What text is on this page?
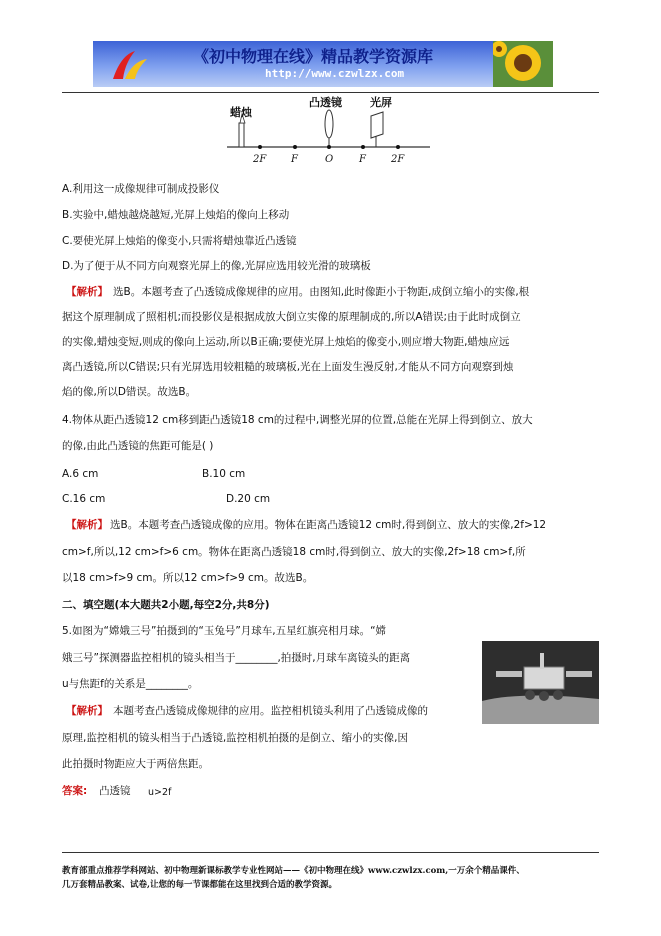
《初中物理在线》精品教学资源库
http://www.czwlzx.com
蜡烛
凸透镜	光屏
2F F	O	F	2F
A.利用这一成像规律可制成投影仪
B.实验中,蜡烛越烧越短,光屏上烛焰的像向上移动
C.要使光屏上烛焰的像变小,只需将蜡烛靠近凸透镜
D.为了便于从不同方向观察光屏上的像,光屏应选用较光滑的玻璃板
【解析】 选B。本题考查了凸透镜成像规律的应用。由图知,此时像距小于物距,成倒立缩小的实像,根
据这个原理制成了照相机;而投影仪是根据成放大倒立实像的原理制成的,所以A错误;由于此时成倒立
的实像,蜡烛变短,则成的像向上运动,所以B正确;要使光屏上烛焰的像变小,则应增大物距,蜡烛应远
离凸透镜,所以C错误;只有光屏选用较粗糙的玻璃板,光在上面发生漫反射,才能从不同方向观察到烛
焰的像,所以D错误。故选B。
4.物体从距凸透镜12 cm移到距凸透镜18 cm的过程中,调整光屏的位置,总能在光屏上得到倒立、放大
的像,由此凸透镜的焦距可能是( )
A.6 cm	B.10 cm
C.16 cm	D.20 cm
【解析】 选B。本题考查凸透镜成像的应用。物体在距离凸透镜12 cm时,得到倒立、放大的实像,2f>12
cm>f,所以,12 cm>f>6 cm。物体在距离凸透镜18 cm时,得到倒立、放大的实像,2f>18 cm>f,所
以18 cm>f>9 cm。所以12 cm>f>9 cm。故选B。
二、填空题(本大题共2小题,每空2分,共8分)
5.如图为“嫦娥三号”拍摄到的“玉兔号”月球车,五星红旗亮相月球。“嫦
娥三号”探测器监控相机的镜头相当于________,拍摄时,月球车离镜头的距离
u与焦距f的关系是________。
【解析】 本题考查凸透镜成像规律的应用。监控相机镜头利用了凸透镜成像的
原理,监控相机的镜头相当于凸透镜,监控相机拍摄的是倒立、缩小的实像,因
此拍摄时物距应大于两倍焦距。
答案: 凸透镜 u>2f
教育部重点推荐学科网站、初中物理新课标教学专业性网站——《初中物理在线》www.czwlzx.com,一万余个精品课件、
几万套精品教案、试卷,让您的每一节课都能在这里找到合适的教学资源。
